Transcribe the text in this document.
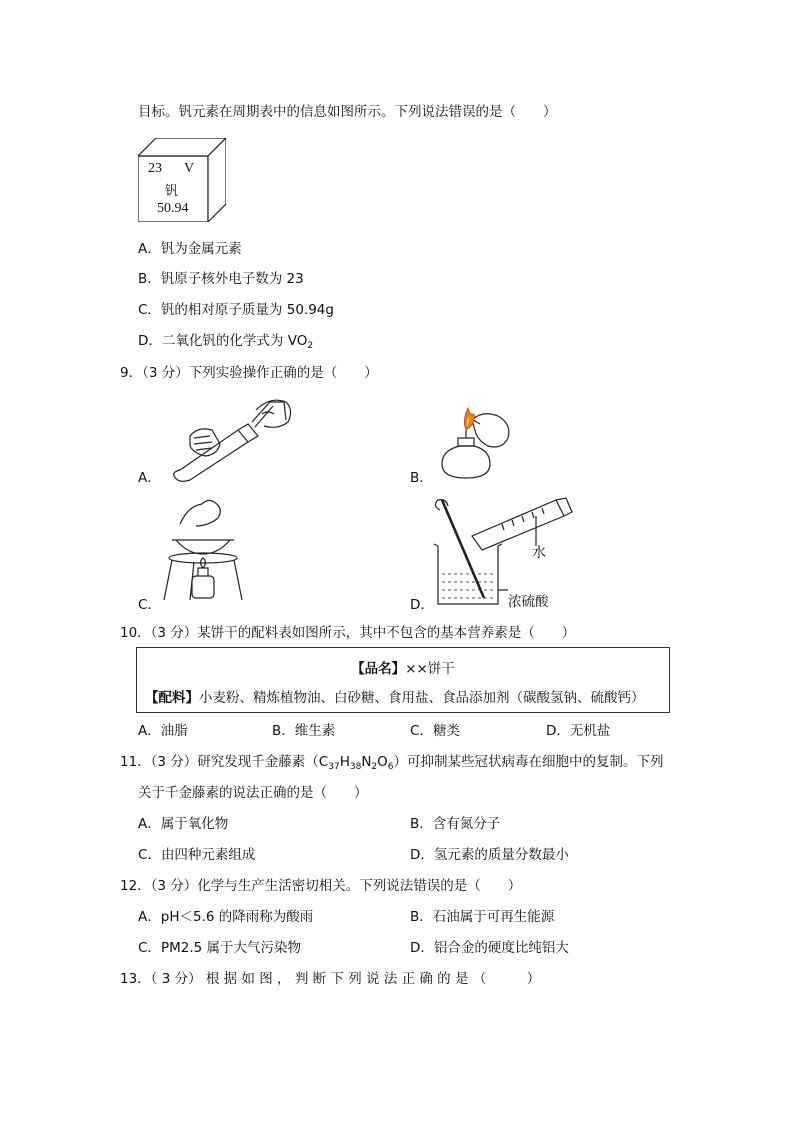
目标。钒元素在周期表中的信息如图所示。下列说法错误的是（　　）
23 V
钒
50.94
A．钒为金属元素
B．钒原子核外电子数为 23
C．钒的相对原子质量为 50.94g
D．二氧化钒的化学式为 $VO_2$
9．（3 分）下列实验操作正确的是（　　）
A．	B．
C．
水
浓硫酸
D．
10．（3 分）某饼干的配料表如图所示，其中不包含的基本营养素是（　　）
【品名】××饼干
【配料】小麦粉、精炼植物油、白砂糖、食用盐、食品添加剂（碳酸氢钠、硫酸钙）
A．油脂	B．维生素	C．糖类	D．无机盐
11．（3 分）研究发现千金藤素$(C_{37}H_{38}N_2O_6)$可抑制某些冠状病毒在细胞中的复制。下列
关于千金藤素的说法正确的是（　　）
A．属于氧化物	B．含有氮分子
C．由四种元素组成	D．氢元素的质量分数最小
12．（3 分）化学与生产生活密切相关。下列说法错误的是（　　）
A．pH＜5.6 的降雨称为酸雨	B．石油属于可再生能源
C．PM2.5 属于大气污染物	D．铝合金的硬度比纯铝大
13．（ 3 分） 根 据 如 图 ， 判 断 下 列 说 法 正 确 的 是 （　　　）
